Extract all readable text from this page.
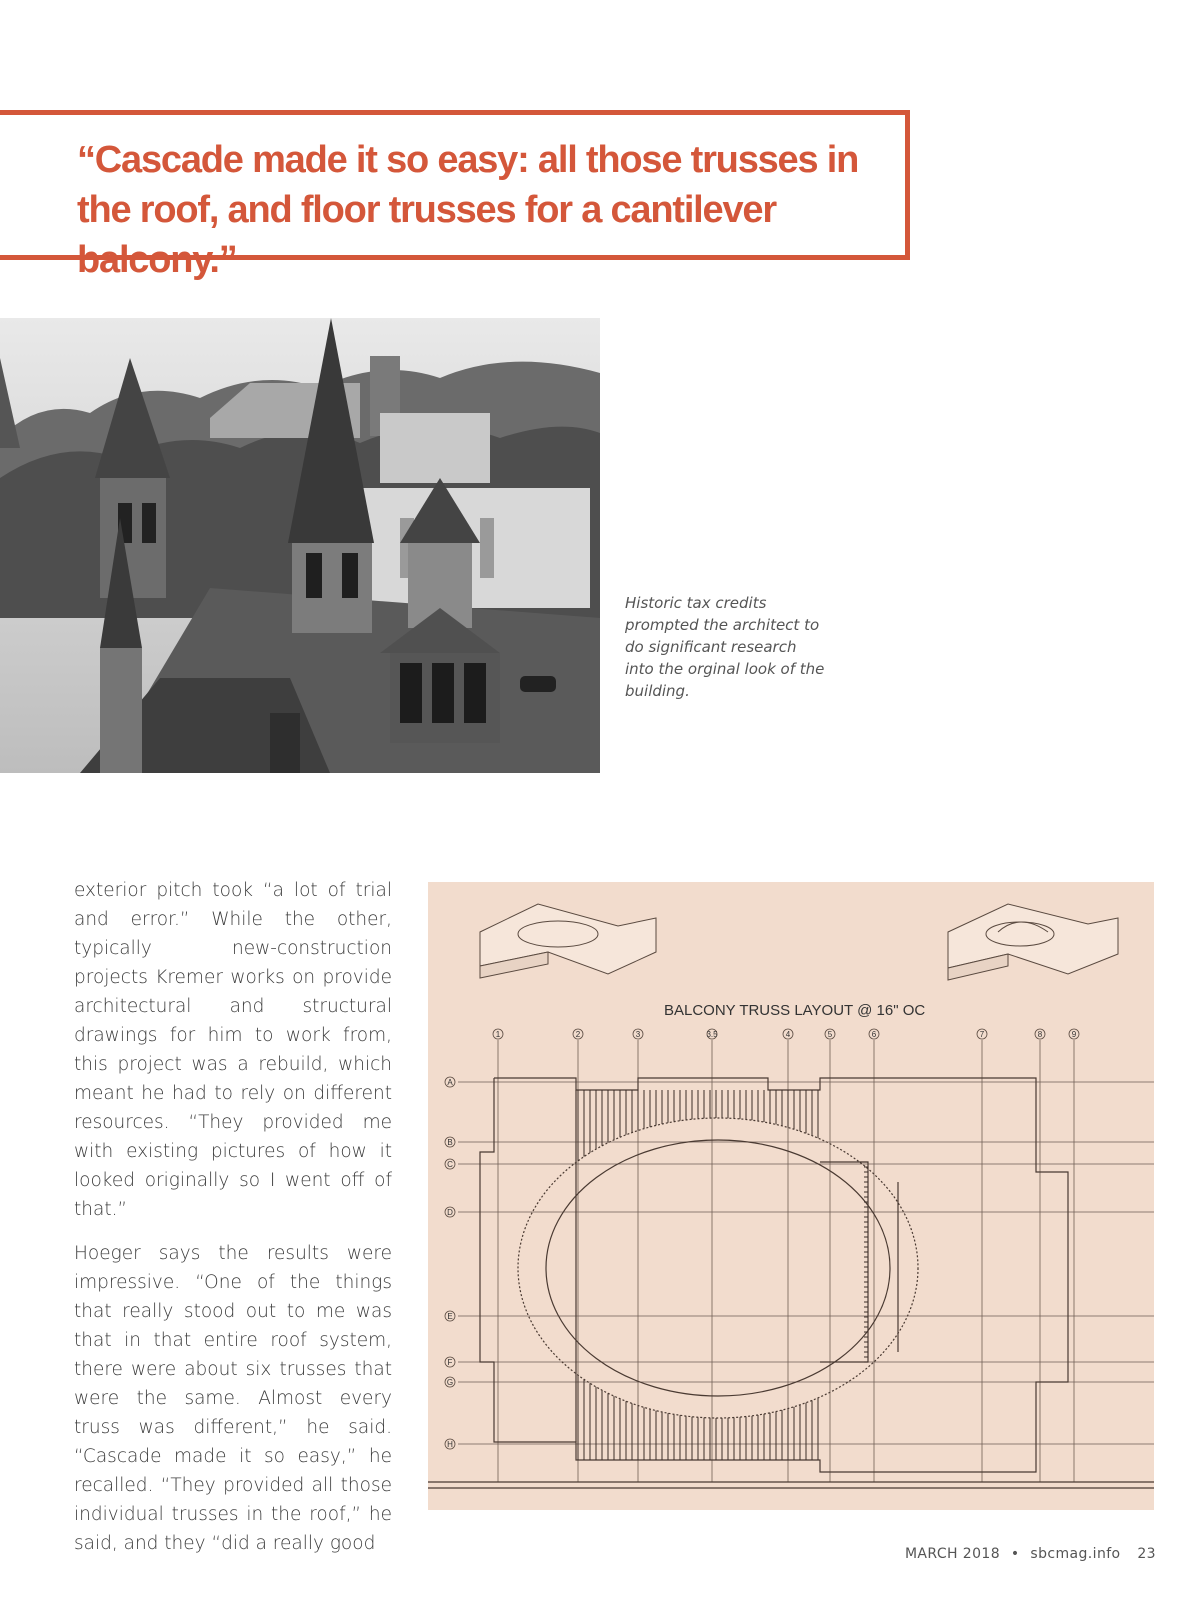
“Cascade made it so easy: all those trusses in the roof, and floor trusses for a cantilever balcony.”
Historic tax credits prompted the architect to do significant research into the orginal look of the building.

exterior pitch took “a lot of trial and error.” While the other, typically new-construction projects Kremer works on provide architectural and structural drawings for him to work from, this project was a rebuild, which meant he had to rely on different resources. “They provided me with existing pictures of how it looked originally so I went off of that.”

Hoeger says the results were impressive. “One of the things that really stood out to me was that in that entire roof system, there were about six trusses that were the same. Almost every truss was different,” he said. “Cascade made it so easy,” he recalled. “They provided all those individual trusses in the roof,” he said, and they “did a really good

1	2	3	3.5	4	5	6	7	8	9
A
B
C
D
E
F
G
H
BALCONY TRUSS LAYOUT @ 16" OC
MARCH 2018 • sbcmag.info 23
